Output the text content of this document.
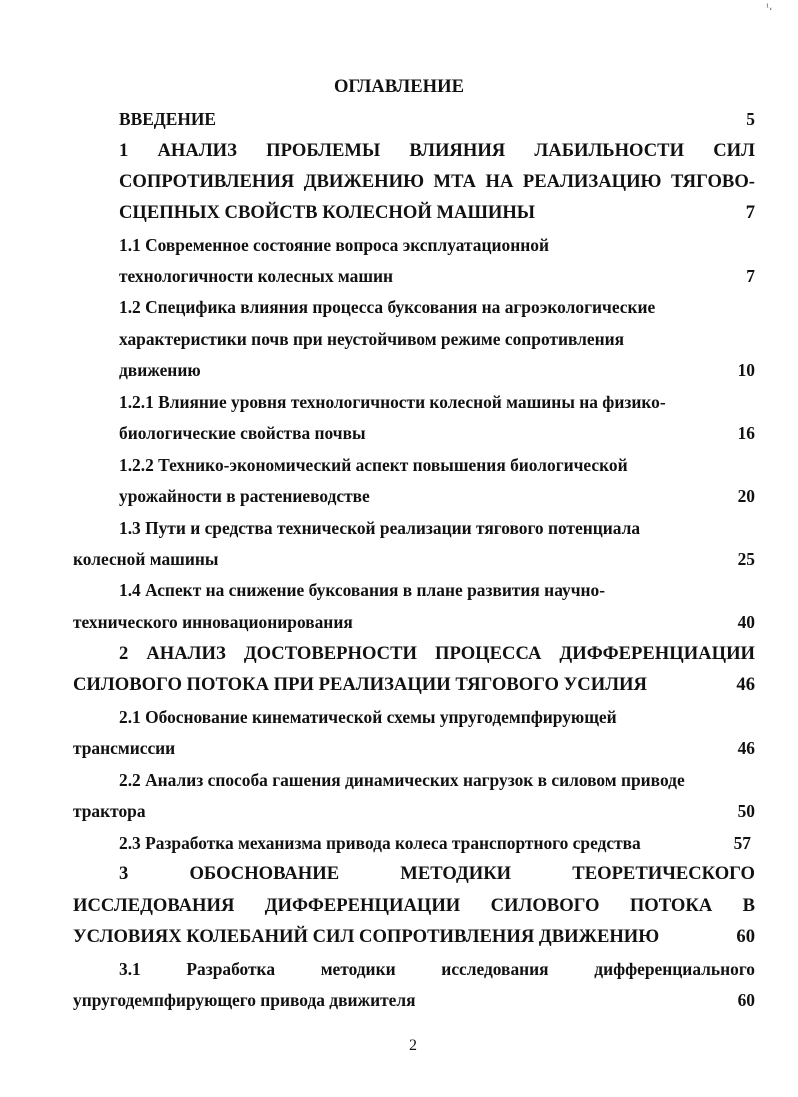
¹،
ОГЛАВЛЕНИЕ
ВВЕДЕНИЕ	5
1 АНАЛИЗ ПРОБЛЕМЫ ВЛИЯНИЯ ЛАБИЛЬНОСТИ СИЛ
СОПРОТИВЛЕНИЯ ДВИЖЕНИЮ МТА НА РЕАЛИЗАЦИЮ ТЯГОВО-
СЦЕПНЫХ СВОЙСТВ КОЛЕСНОЙ МАШИНЫ	7
1.1 Современное состояние вопроса эксплуатационной
технологичности колесных машин	7
1.2 Специфика влияния процесса буксования на агроэкологические
характеристики почв при неустойчивом режиме сопротивления
движению	10
1.2.1 Влияние уровня технологичности колесной машины на физико-
биологические свойства почвы	16
1.2.2 Технико-экономический аспект повышения биологической
урожайности в растениеводстве	20
1.3 Пути и средства технической реализации тягового потенциала
колесной машины	25
1.4 Аспект на снижение буксования в плане развития научно-
технического инновационирования	40
2 АНАЛИЗ ДОСТОВЕРНОСТИ ПРОЦЕССА ДИФФЕРЕНЦИАЦИИ
СИЛОВОГО ПОТОКА ПРИ РЕАЛИЗАЦИИ ТЯГОВОГО УСИЛИЯ	46
2.1 Обоснование кинематической схемы упругодемпфирующей
трансмиссии	46
2.2 Анализ способа гашения динамических нагрузок в силовом приводе
трактора	50
2.3 Разработка механизма привода колеса транспортного средства	57
3 ОБОСНОВАНИЕ МЕТОДИКИ ТЕОРЕТИЧЕСКОГО
ИССЛЕДОВАНИЯ ДИФФЕРЕНЦИАЦИИ СИЛОВОГО ПОТОКА В
УСЛОВИЯХ КОЛЕБАНИЙ СИЛ СОПРОТИВЛЕНИЯ ДВИЖЕНИЮ	60
3.1 Разработка методики исследования дифференциального
упругодемпфирующего привода движителя	60
2
